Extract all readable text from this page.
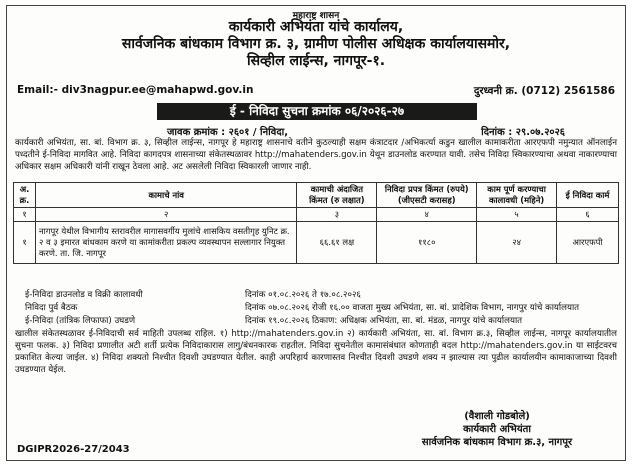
महाराष्ट्र शासन
कार्यकारी अभियंता यांचे कार्यालय,
सार्वजनिक बांधकाम विभाग क्र. ३, ग्रामीण पोलीस अधिक्षक कार्यालयासमोर,
सिव्हील लाईन्स, नागपूर-१.
Email:- div3nagpur.ee@mahapwd.gov.in	दुरध्वनी क्र. (0712) 2561586
ई - निविदा सुचना क्रमांक ०६/२०२६-२७
जावक क्रमांक : २६०१ / निविदा,	दिनांक : २९.०७.२०२६
कार्यकारी अभियंता, सा. बां. विभाग क्र. ३, सिव्हील लाईन्स, नागपूर हे महाराष्ट्र शासनाचे वतीने कुठल्याही सक्षम कंत्राटदार /अभिकर्त्या कडुन खालील कामाकरीता आरएफपी नमुन्यात ऑनलाईन पध्दतीने ई-निविदा मागवित आहे. निविदा कागदपत्र शासनाच्या संकेतस्थळावर http://mahatenders.gov.in येथून डाउनलोड करण्यात यावी. तसेच निविदा स्विकारण्याचा अथवा नाकारण्याचा अधिकार सक्षम अधिकारी यांनी राखून ठेवला आहे. अट असलेली निविदा स्विकारली जाणार नाही.
अ. क्र.	कामाचे नांव	कामाची अंदाजित किंमत (रु लक्षात)	निविदा प्रपत्र किंमत (रुपये) (जीएसटी करासह)	काम पूर्ण करण्याचा कालावधी (महिने)	ई निविदा कार्म
१	२	३	४	५	६
१	नागपूर येथील विभागीय स्तरावरील मागासवर्गीय मुलांचे शासकिय वसतीगृह युनिट क्र. २ व ३ इमारत बांधकाम करणे या कामांकरीता प्रकल्प व्यवस्थापन सल्लागार नियुक्त करणे. ता. जि. नागपूर	६६.६१ लक्ष	११८०	२४	आरएफपी
ई-निविदा डाउनलोड व विक्री कालावधी	दिनांक ०१.०८.२०२६ ते १७.०८.२०२६
निविदा पुर्व बैठक	दिनांक ०७.०८.२०२६ रोजी १६.०० वाजता मुख्य अभियंता, सा. बां. प्रादेशिक विभाग, नागपुर यांचे कार्यालयात
ई-निविदा (तांत्रिक लिफाफा) उघडणे	दिनांक १९.०८.२०२६ ठिकाण: अधिक्षक अभियंता, सा. बां. मंडळ, नागपुर यांचे कार्यालयात
खालील संकेतस्थळावर ई-निविदाची सर्व माहिती उपलब्ध राहिल. १) http://mahatenders.gov.in २) कार्यकारी अभियंता, सा. बां. विभाग क्र.३, सिव्हील लाईन्स, नागपूर कार्यालयातील सुचना फलक. ३) निविदा प्रणालीत अटी शर्ती प्रत्येक निविदाकारास लागु/बंधनकारक राहतील. निविदा सुचनेतील कामासंबंधात कोणताही बदल http://mahatenders.gov.in या साईटवरच प्रकाशित केल्या जाईल. ४) निविदा शक्यतो निश्चीत दिवशी उघडण्यात येतील. काही अपरिहार्य कारणास्तव निश्चीत दिवशी उघडणे शक्य न झाल्यास त्या पुढील कार्यालयीन कामाकाजाच्या दिवशी उघडण्यात येईल.
(वैशाली गोडबोले)
कार्यकारी अभियंता
सार्वजनिक बांधकाम विभाग क्र.३, नागपूर
DGIPR2026-27/2043
